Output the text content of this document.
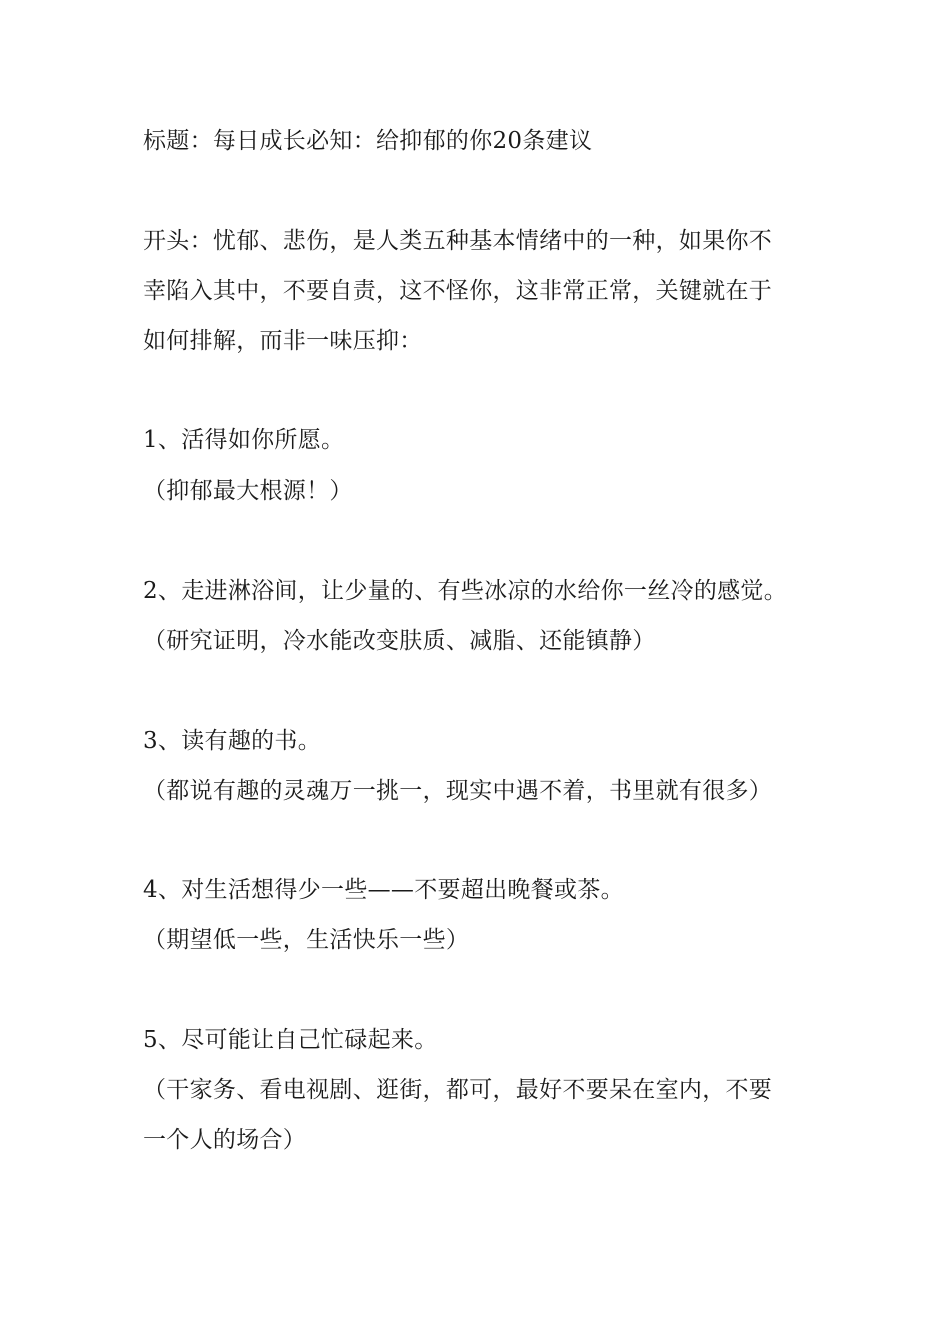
标题：每日成长必知：给抑郁的你20条建议
开头：忧郁、悲伤，是人类五种基本情绪中的一种，如果你不
幸陷入其中，不要自责，这不怪你，这非常正常，关键就在于
如何排解，而非一味压抑：
1、活得如你所愿。
（抑郁最大根源！）
2、走进淋浴间，让少量的、有些冰凉的水给你一丝冷的感觉。
（研究证明，冷水能改变肤质、减脂、还能镇静）
3、读有趣的书。
（都说有趣的灵魂万一挑一，现实中遇不着，书里就有很多）
4、对生活想得少一些——不要超出晚餐或茶。
（期望低一些，生活快乐一些）
5、尽可能让自己忙碌起来。
（干家务、看电视剧、逛街，都可，最好不要呆在室内，不要
一个人的场合）
